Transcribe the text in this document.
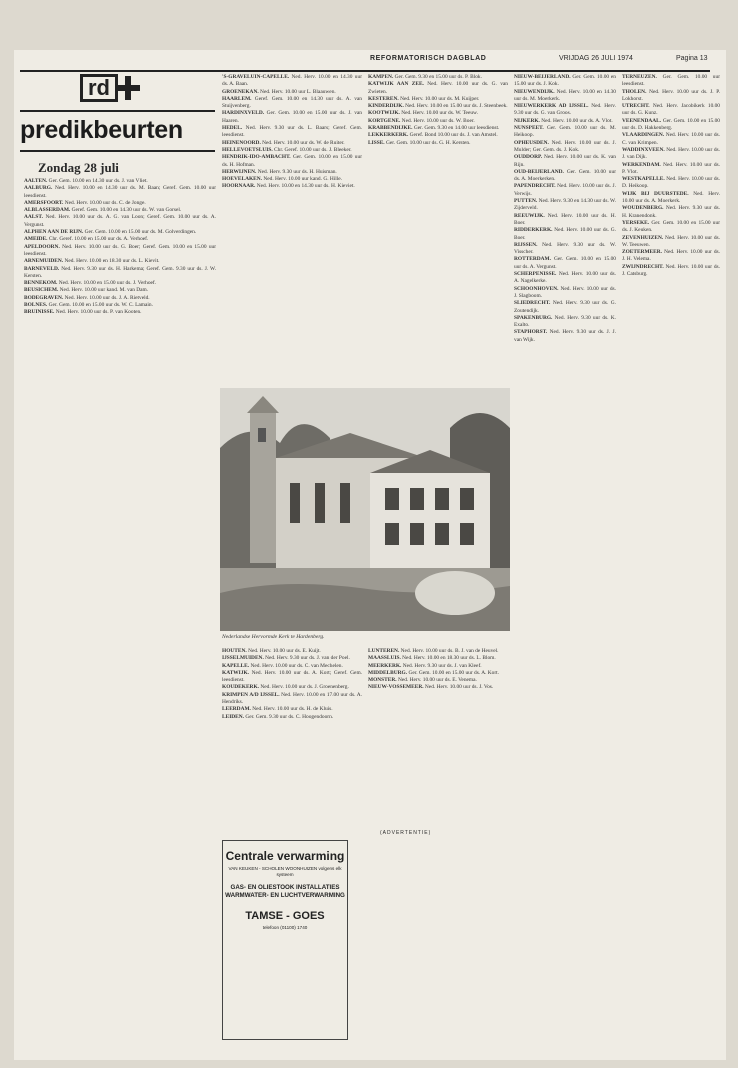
REFORMATORISCH DAGBLAD	VRIJDAG 26 JULI 1974	Pagina 13
rd
predikbeurten
Zondag 28 juli
AALTEN. Ger. Gem. 10.00 en 14.30 uur ds. J. van Vliet.
AALBURG. Ned. Herv. 10.00 en 14.30 uur ds. M. Baan; Geref. Gem. 10.00 uur leesdienst.
AMERSFOORT. Ned. Herv. 10.00 uur ds. C. de Jonge.
ALBLASSERDAM. Geref. Gem. 10.00 en 14.30 uur ds. W. van Gorsel.
AALST. Ned. Herv. 10.00 uur ds. A. G. van Loon; Geref. Gem. 10.00 uur ds. A. Vergunst.
ALPHEN AAN DE RIJN. Ger. Gem. 10.00 en 15.00 uur ds. M. Golverdingen.
AMEIDE. Chr. Geref. 10.00 en 15.00 uur ds. A. Verhoef.
APELDOORN. Ned. Herv. 10.00 uur ds. G. Boer; Geref. Gem. 10.00 en 15.00 uur leesdienst.
ARNEMUIDEN. Ned. Herv. 10.00 en 18.30 uur ds. L. Kievit.
BARNEVELD. Ned. Herv. 9.30 uur ds. H. Harkema; Geref. Gem. 9.30 uur ds. J. W. Kersten.
BENNEKOM. Ned. Herv. 10.00 en 15.00 uur ds. J. Verhoef.
BEUSICHEM. Ned. Herv. 10.00 uur kand. M. van Dam.
BODEGRAVEN. Ned. Herv. 10.00 uur ds. J. A. Rietveld.
BOLNES. Ger. Gem. 10.00 en 15.00 uur ds. W. C. Lamain.
BRUINISSE. Ned. Herv. 10.00 uur ds. P. van Kooten.
'S-GRAVELUIN-CAPELLE. Ned. Herv. 10.00 en 14.30 uur ds. A. Baan.
GROENEKAN. Ned. Herv. 10.00 uur L. Blaauwen.
HAARLEM. Geref. Gem. 10.00 en 14.30 uur ds. A. van Stuijvenberg.
HARDINXVELD. Ger. Gem. 10.00 en 15.00 uur ds. J. van Haaren.
HEDEL. Ned. Herv. 9.30 uur ds. L. Baars; Geref. Gem. leesdienst.
HEINENOORD. Ned. Herv. 10.00 uur ds. W. de Ruiter.
HELLEVOETSLUIS. Chr. Geref. 10.00 uur ds. J. Bleeker.
HENDRIK-IDO-AMBACHT. Ger. Gem. 10.00 en 15.00 uur ds. H. Hofman.
HERWIJNEN. Ned. Herv. 9.30 uur ds. H. Huisman.
HOEVELAKEN. Ned. Herv. 10.00 uur kand. G. Hille.
HOORNAAR. Ned. Herv. 10.00 en 14.30 uur ds. H. Kieviet.
KAMPEN. Ger. Gem. 9.30 en 15.00 uur ds. P. Blok.
KATWIJK AAN ZEE. Ned. Herv. 10.00 uur ds. G. van Zwieten.
KESTEREN. Ned. Herv. 10.00 uur ds. M. Kuijper.
KINDERDIJK. Ned. Herv. 10.00 en 15.00 uur ds. J. Steenbeek.
KOOTWIJK. Ned. Herv. 10.00 uur ds. W. Teeuw.
KORTGENE. Ned. Herv. 10.00 uur ds. W. Boer.
KRABBENDIJKE. Ger. Gem. 9.30 en 14.00 uur leesdienst.
LEKKERKERK. Geref. Bond 10.00 uur ds. J. van Amstel.
LISSE. Ger. Gem. 10.00 uur ds. G. H. Kersten.
NIEUW-BEIJERLAND. Ger. Gem. 10.00 en 15.00 uur ds. J. Kok.
NIEUWENDIJK. Ned. Herv. 10.00 en 14.30 uur ds. M. Moerkerk.
NIEUWERKERK AD IJSSEL. Ned. Herv. 9.30 uur ds. G. van Groos.
NIJKERK. Ned. Herv. 10.00 uur ds. A. Vlot.
NUNSPEET. Ger. Gem. 10.00 uur ds. M. Heikoop.
OPHEUSDEN. Ned. Herv. 10.00 uur ds. J. Mulder; Ger. Gem. ds. J. Kok.
OUDDORP. Ned. Herv. 10.00 uur ds. K. van Rijn.
OUD-BEIJERLAND. Ger. Gem. 10.00 uur ds. A. Moerkerken.
PAPENDRECHT. Ned. Herv. 10.00 uur ds. J. Verwijs.
PUTTEN. Ned. Herv. 9.30 en 14.30 uur ds. W. Zijderveld.
REEUWIJK. Ned. Herv. 10.00 uur ds. H. Boer.
RIDDERKERK. Ned. Herv. 10.00 uur ds. G. Boer.
RIJSSEN. Ned. Herv. 9.30 uur ds. W. Visscher.
ROTTERDAM. Ger. Gem. 10.00 en 15.00 uur ds. A. Vergunst.
SCHERPENISSE. Ned. Herv. 10.00 uur ds. A. Nagelkerke.
SCHOONHOVEN. Ned. Herv. 10.00 uur ds. J. Slagboom.
SLIEDRECHT. Ned. Herv. 9.30 uur ds. G. Zoutendijk.
SPAKENBURG. Ned. Herv. 9.30 uur ds. K. Exalto.
STAPHORST. Ned. Herv. 9.30 uur ds. J. J. van Wijk.
TERNEUZEN. Ger. Gem. 10.00 uur leesdienst.
THOLEN. Ned. Herv. 10.00 uur ds. J. P. Lokhorst.
UTRECHT. Ned. Herv. Jacobikerk 10.00 uur ds. G. Kunz.
VEENENDAAL. Ger. Gem. 10.00 en 15.00 uur ds. D. Hakkenberg.
VLAARDINGEN. Ned. Herv. 10.00 uur ds. C. van Krimpen.
WADDINXVEEN. Ned. Herv. 10.00 uur ds. J. van Dijk.
WERKENDAM. Ned. Herv. 10.00 uur ds. P. Vlot.
WESTKAPELLE. Ned. Herv. 10.00 uur ds. D. Heikoop.
WIJK BIJ DUURSTEDE. Ned. Herv. 10.00 uur ds. A. Moerkerk.
WOUDENBERG. Ned. Herv. 9.30 uur ds. H. Kranendonk.
YERSEKE. Ger. Gem. 10.00 en 15.00 uur ds. J. Keuken.
ZEVENHUIZEN. Ned. Herv. 10.00 uur ds. W. Teeuwen.
ZOETERMEER. Ned. Herv. 10.00 uur ds. J. H. Velema.
ZWIJNDRECHT. Ned. Herv. 10.00 uur ds. J. Catsburg.
HOUTEN. Ned. Herv. 10.00 uur ds. E. Kuijt.
IJSSELMUIDEN. Ned. Herv. 9.30 uur ds. J. van der Poel.
KAPELLE. Ned. Herv. 10.00 uur ds. C. van Mechelen.
KATWIJK. Ned. Herv. 10.00 uur ds. A. Kort; Geref. Gem. leesdienst.
KOUDEKERK. Ned. Herv. 10.00 uur ds. J. Groenenberg.
KRIMPEN A/D IJSSEL. Ned. Herv. 10.00 en 17.00 uur ds. A. Hendriks.
LEERDAM. Ned. Herv. 10.00 uur ds. H. de Kluis.
LEIDEN. Ger. Gem. 9.30 uur ds. C. Hoogendoorn.
LUNTEREN. Ned. Herv. 10.00 uur ds. B. J. van de Heuvel.
MAASSLUIS. Ned. Herv. 10.00 en 18.30 uur ds. L. Blom.
MEERKERK. Ned. Herv. 9.30 uur ds. J. van Kleef.
MIDDELBURG. Ger. Gem. 10.00 en 15.00 uur ds. A. Kort.
MONSTER. Ned. Herv. 10.00 uur ds. E. Venema.
NIEUW-VOSSEMEER. Ned. Herv. 10.00 uur ds. J. Vos.
Nederlandse Hervormde Kerk te Hardenberg.
(ADVERTENTIE)
Centrale verwarming
VAN KEUKEN - SCHOLEN WOONHUIZEN volgens elk systeem
GAS- EN OLIESTOOK INSTALLATIES WARMWATER- EN LUCHTVERWARMING
TAMSE - GOES
telefoon (01100) 1740
